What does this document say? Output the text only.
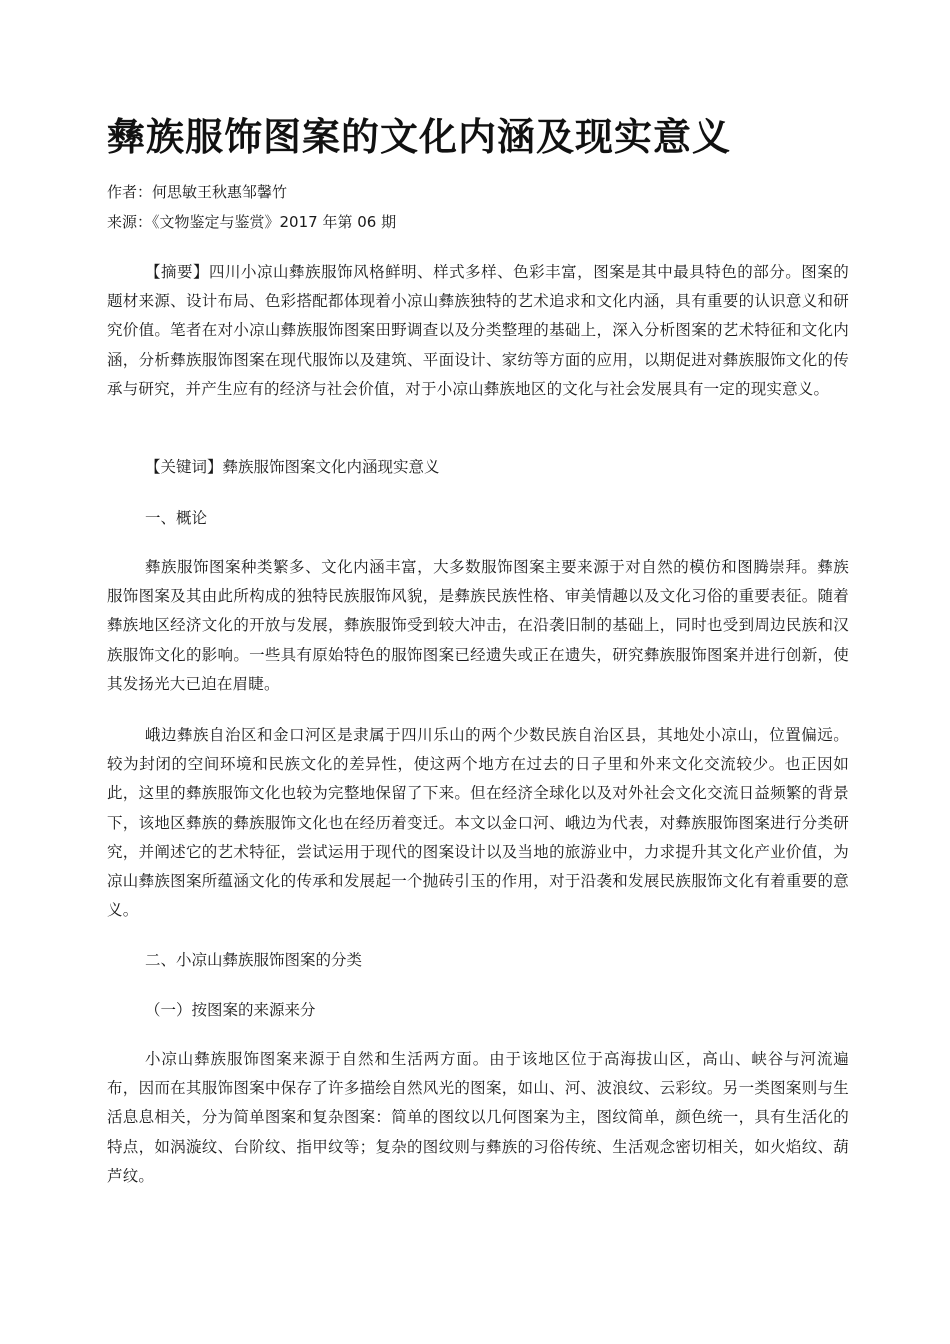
彝族服饰图案的文化内涵及现实意义
作者：何思敏王秋惠邹馨竹
来源：《文物鉴定与鉴赏》2017 年第 06 期

【摘要】四川小凉山彝族服饰风格鲜明、样式多样、色彩丰富，图案是其中最具特色的部分。图案的题材来源、设计布局、色彩搭配都体现着小凉山彝族独特的艺术追求和文化内涵，具有重要的认识意义和研究价值。笔者在对小凉山彝族服饰图案田野调查以及分类整理的基础上，深入分析图案的艺术特征和文化内涵，分析彝族服饰图案在现代服饰以及建筑、平面设计、家纺等方面的应用，以期促进对彝族服饰文化的传承与研究，并产生应有的经济与社会价值，对于小凉山彝族地区的文化与社会发展具有一定的现实意义。

【关键词】彝族服饰图案文化内涵现实意义
一、概论

彝族服饰图案种类繁多、文化内涵丰富，大多数服饰图案主要来源于对自然的模仿和图腾崇拜。彝族服饰图案及其由此所构成的独特民族服饰风貌，是彝族民族性格、审美情趣以及文化习俗的重要表征。随着彝族地区经济文化的开放与发展，彝族服饰受到较大冲击，在沿袭旧制的基础上，同时也受到周边民族和汉族服饰文化的影响。一些具有原始特色的服饰图案已经遗失或正在遗失，研究彝族服饰图案并进行创新，使其发扬光大已迫在眉睫。

峨边彝族自治区和金口河区是隶属于四川乐山的两个少数民族自治区县，其地处小凉山，位置偏远。较为封闭的空间环境和民族文化的差异性，使这两个地方在过去的日子里和外来文化交流较少。也正因如此，这里的彝族服饰文化也较为完整地保留了下来。但在经济全球化以及对外社会文化交流日益频繁的背景下，该地区彝族的彝族服饰文化也在经历着变迁。本文以金口河、峨边为代表，对彝族服饰图案进行分类研究，并阐述它的艺术特征，尝试运用于现代的图案设计以及当地的旅游业中，力求提升其文化产业价值，为凉山彝族图案所蕴涵文化的传承和发展起一个抛砖引玉的作用，对于沿袭和发展民族服饰文化有着重要的意义。

二、小凉山彝族服饰图案的分类
（一）按图案的来源来分

小凉山彝族服饰图案来源于自然和生活两方面。由于该地区位于高海拔山区，高山、峡谷与河流遍布，因而在其服饰图案中保存了许多描绘自然风光的图案，如山、河、波浪纹、云彩纹。另一类图案则与生活息息相关，分为简单图案和复杂图案：简单的图纹以几何图案为主，图纹简单，颜色统一，具有生活化的特点，如涡漩纹、台阶纹、指甲纹等；复杂的图纹则与彝族的习俗传统、生活观念密切相关，如火焰纹、葫芦纹。
